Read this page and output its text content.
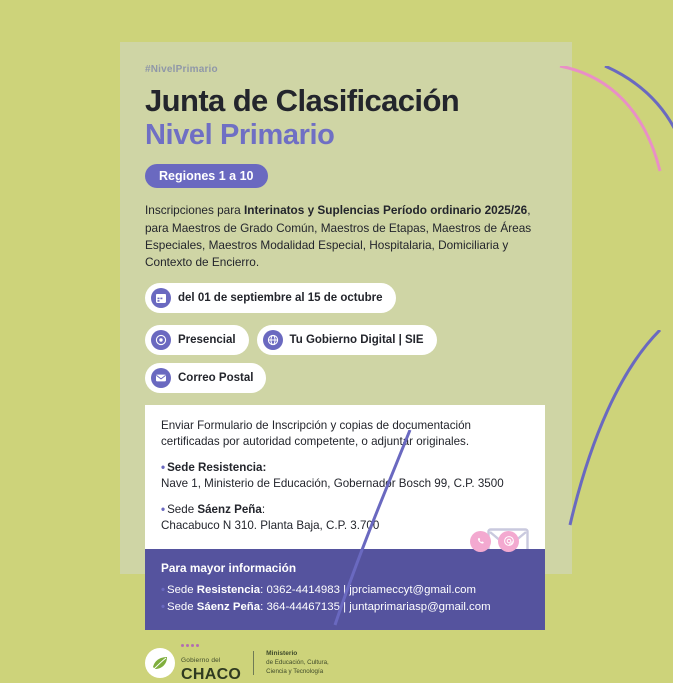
#NivelPrimario
Junta de Clasificación
Nivel Primario
Regiones 1 a 10
Inscripciones para Interinatos y Suplencias Período ordinario 2025/26, para Maestros de Grado Común, Maestros de Etapas, Maestros de Áreas Especiales, Maestros Modalidad Especial, Hospitalaria, Domiciliaria y Contexto de Encierro.
del 01 de septiembre al 15 de octubre
Presencial	Tu Gobierno Digital | SIE
Correo Postal
Enviar Formulario de Inscripción y copias de documentación
certificadas por autoridad competente, o adjuntar originales.
• Sede Resistencia:
Nave 1, Ministerio de Educación, Gobernador Bosch 99, C.P. 3500
• Sede Sáenz Peña:
Chacabuco N 310. Planta Baja, C.P. 3.700
Para mayor información
• Sede Resistencia: 0362-4414983 | jprciameccyt@gmail.com
• Sede Sáenz Peña: 364-44467135 | juntaprimariasp@gmail.com
Gobierno del
CHACO
Ministerio
de Educación, Cultura,
Ciencia y Tecnología
